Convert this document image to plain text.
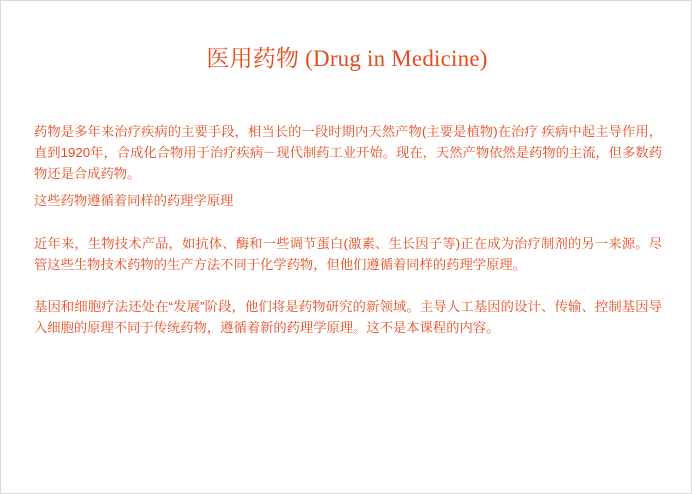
医用药物 (Drug in Medicine)
药物是多年来治疗疾病的主要手段，相当长的一段时期内天然产物(主要是植物)在治疗 疾病中起主导作用，直到1920年，合成化合物用于治疗疾病－现代制药工业开始。现在，天然产物依然是药物的主流，但多数药物还是合成药物。
这些药物遵循着同样的药理学原理
近年来，生物技术产品，如抗体、酶和一些调节蛋白(激素、生长因子等)正在成为治疗制剂的另一来源。尽管这些生物技术药物的生产方法不同于化学药物，但他们遵循着同样的药理学原理。
基因和细胞疗法还处在“发展”阶段，他们将是药物研究的新领域。主导人工基因的设计、传输、控制基因导入细胞的原理不同于传统药物，遵循着新的药理学原理。这不是本课程的内容。
